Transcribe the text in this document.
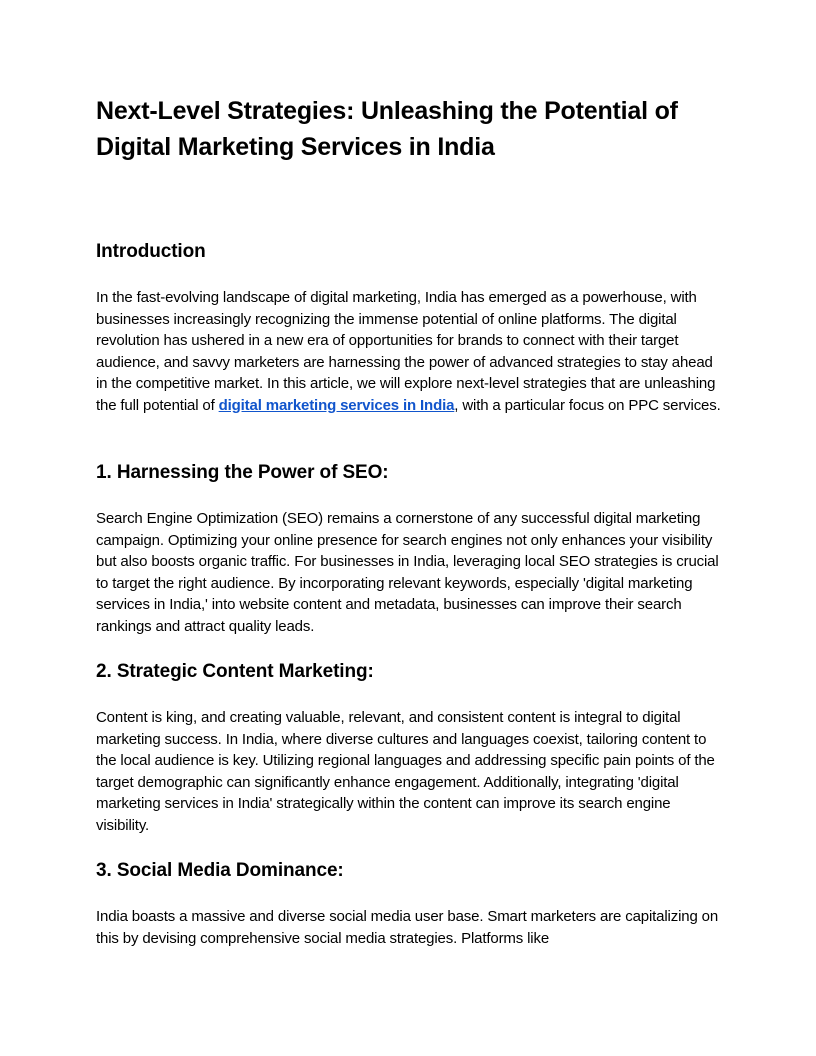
Next-Level Strategies: Unleashing the Potential of Digital Marketing Services in India
Introduction

In the fast-evolving landscape of digital marketing, India has emerged as a powerhouse, with businesses increasingly recognizing the immense potential of online platforms. The digital revolution has ushered in a new era of opportunities for brands to connect with their target audience, and savvy marketers are harnessing the power of advanced strategies to stay ahead in the competitive market. In this article, we will explore next-level strategies that are unleashing the full potential of digital marketing services in India, with a particular focus on PPC services.

1. Harnessing the Power of SEO:

Search Engine Optimization (SEO) remains a cornerstone of any successful digital marketing campaign. Optimizing your online presence for search engines not only enhances your visibility but also boosts organic traffic. For businesses in India, leveraging local SEO strategies is crucial to target the right audience. By incorporating relevant keywords, especially 'digital marketing services in India,' into website content and metadata, businesses can improve their search rankings and attract quality leads.

2. Strategic Content Marketing:

Content is king, and creating valuable, relevant, and consistent content is integral to digital marketing success. In India, where diverse cultures and languages coexist, tailoring content to the local audience is key. Utilizing regional languages and addressing specific pain points of the target demographic can significantly enhance engagement. Additionally, integrating 'digital marketing services in India' strategically within the content can improve its search engine visibility.

3. Social Media Dominance:

India boasts a massive and diverse social media user base. Smart marketers are capitalizing on this by devising comprehensive social media strategies. Platforms like
